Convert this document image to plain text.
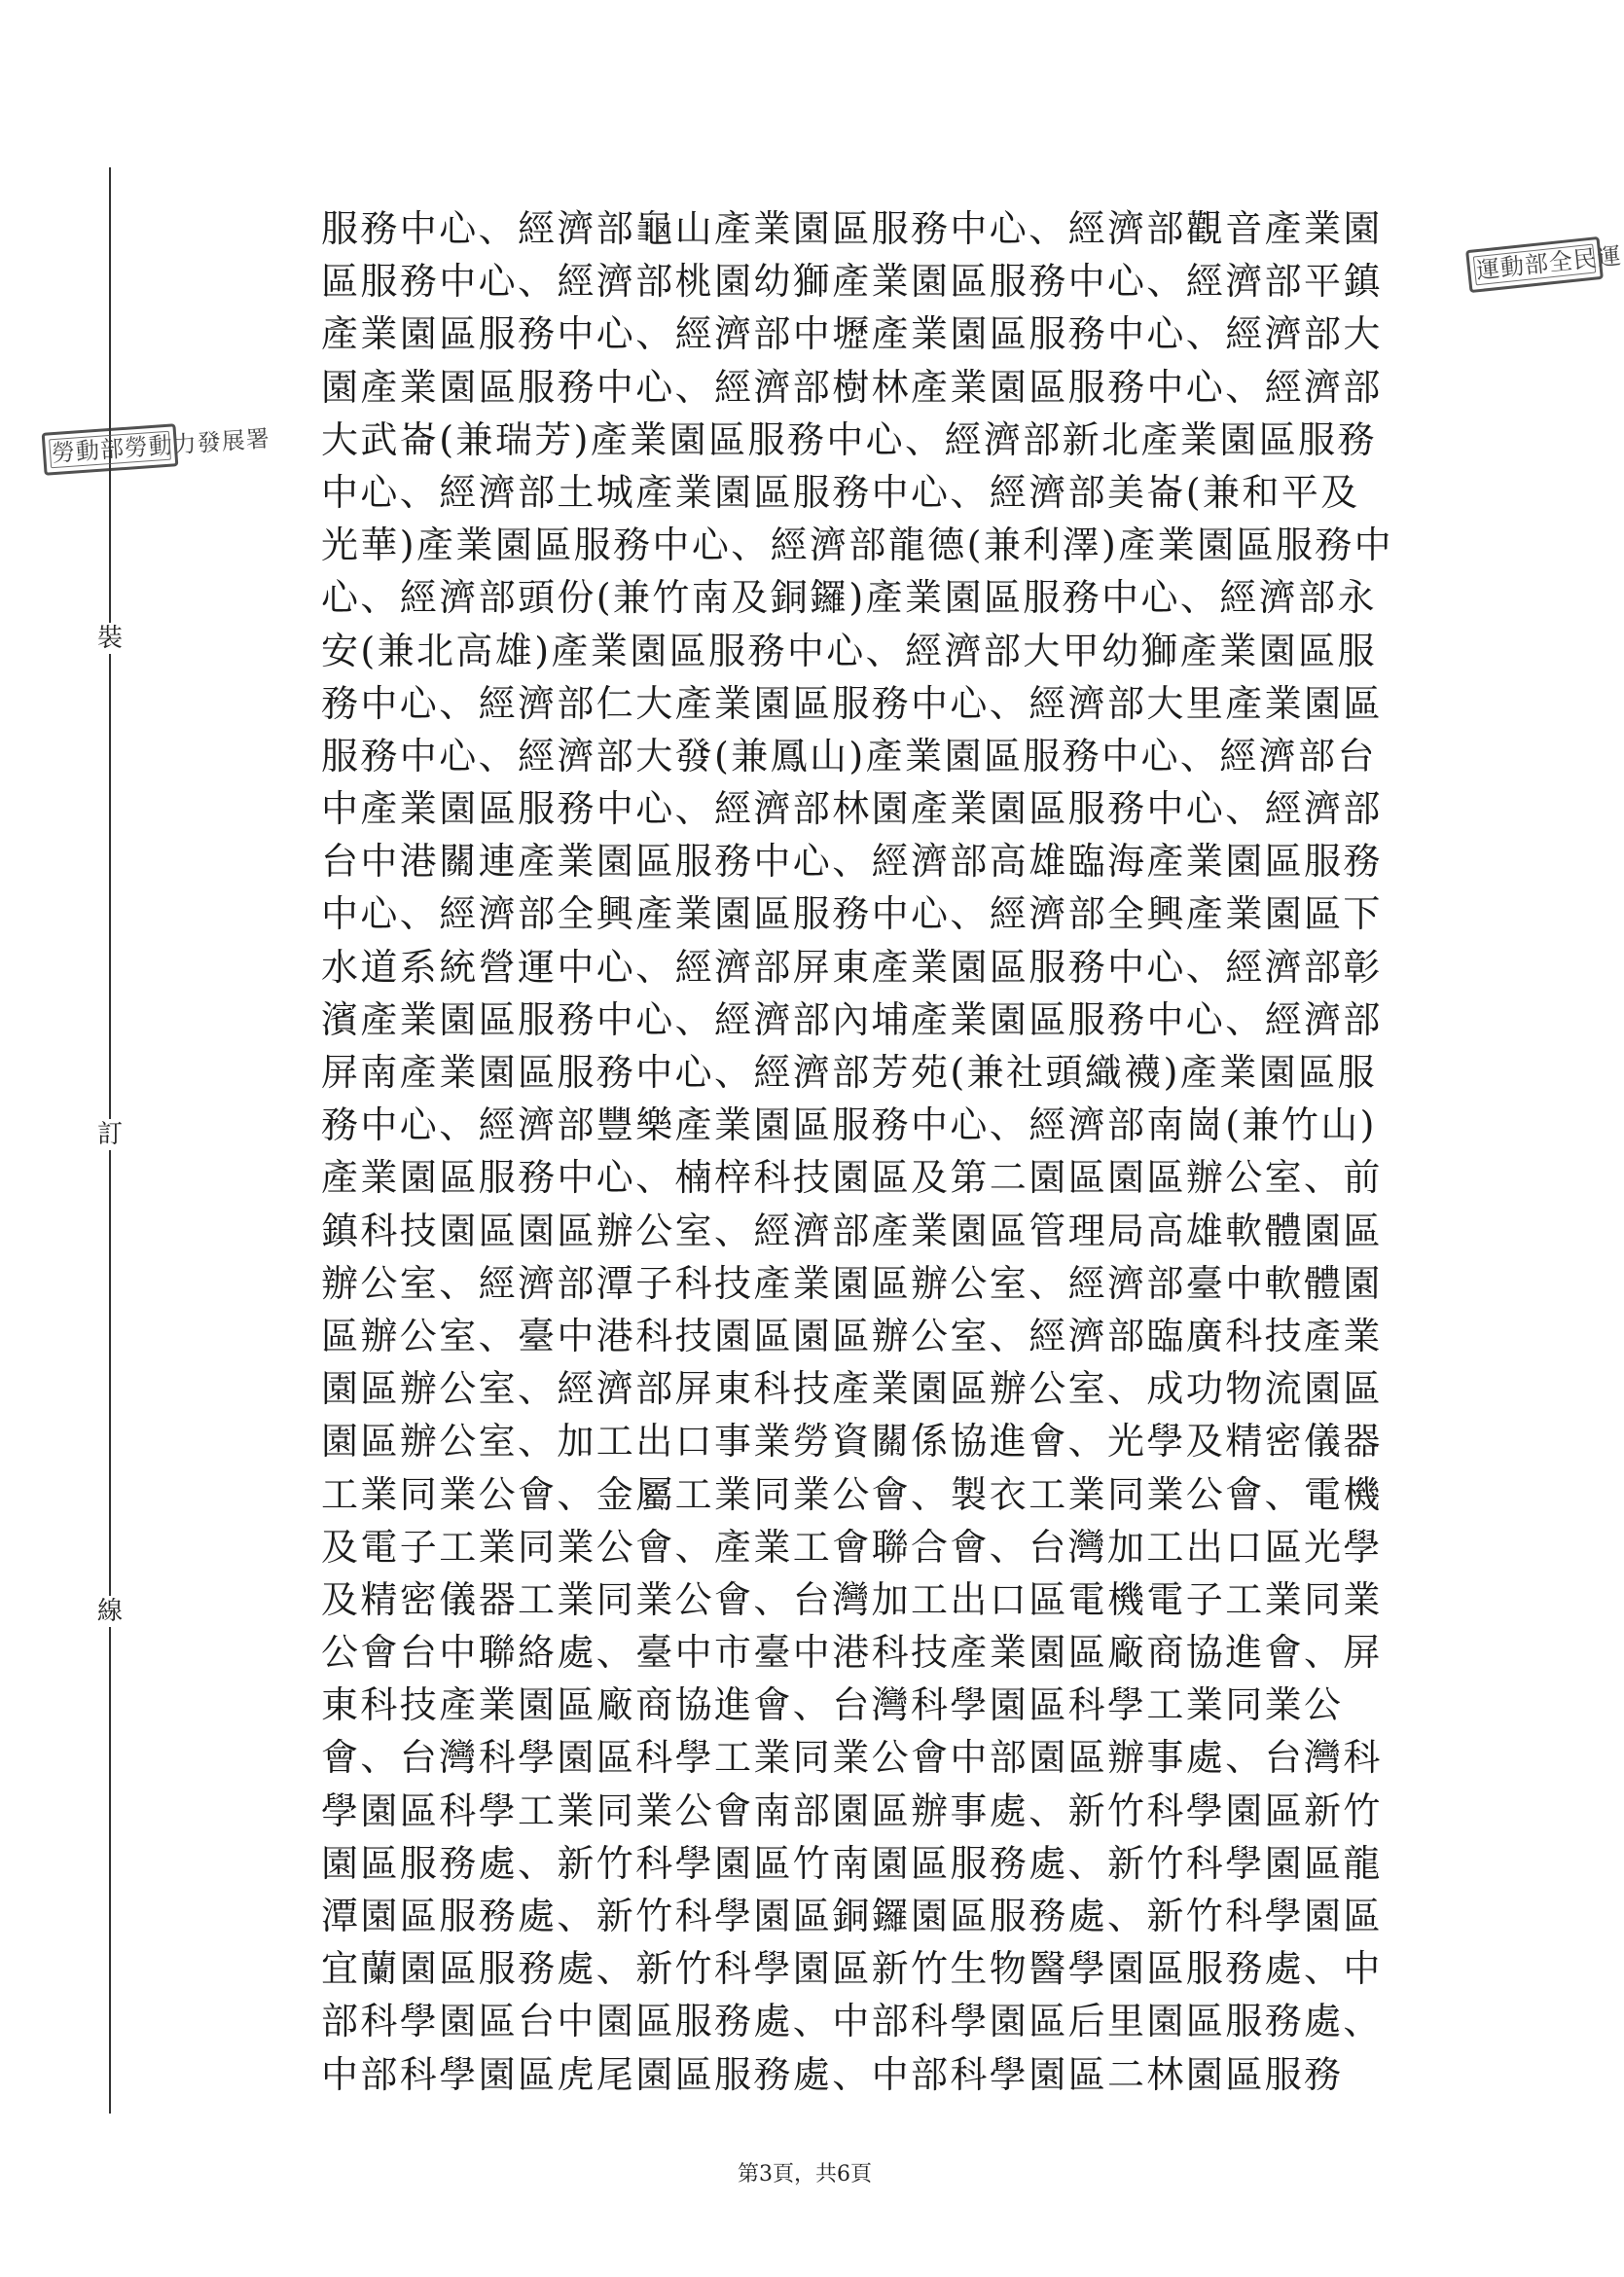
裝
訂
線
勞動部勞動力發展署
運動部全民運
服務中心、經濟部龜山產業園區服務中心、經濟部觀音產業園
區服務中心、經濟部桃園幼獅產業園區服務中心、經濟部平鎮
產業園區服務中心、經濟部中壢產業園區服務中心、經濟部大
園產業園區服務中心、經濟部樹林產業園區服務中心、經濟部
大武崙(兼瑞芳)產業園區服務中心、經濟部新北產業園區服務
中心、經濟部土城產業園區服務中心、經濟部美崙(兼和平及
光華)產業園區服務中心、經濟部龍德(兼利澤)產業園區服務中
心、經濟部頭份(兼竹南及銅鑼)產業園區服務中心、經濟部永
安(兼北高雄)產業園區服務中心、經濟部大甲幼獅產業園區服
務中心、經濟部仁大產業園區服務中心、經濟部大里產業園區
服務中心、經濟部大發(兼鳳山)產業園區服務中心、經濟部台
中產業園區服務中心、經濟部林園產業園區服務中心、經濟部
台中港關連產業園區服務中心、經濟部高雄臨海產業園區服務
中心、經濟部全興產業園區服務中心、經濟部全興產業園區下
水道系統營運中心、經濟部屏東產業園區服務中心、經濟部彰
濱產業園區服務中心、經濟部內埔產業園區服務中心、經濟部
屏南產業園區服務中心、經濟部芳苑(兼社頭織襪)產業園區服
務中心、經濟部豐樂產業園區服務中心、經濟部南崗(兼竹山)
產業園區服務中心、楠梓科技園區及第二園區園區辦公室、前
鎮科技園區園區辦公室、經濟部產業園區管理局高雄軟體園區
辦公室、經濟部潭子科技產業園區辦公室、經濟部臺中軟體園
區辦公室、臺中港科技園區園區辦公室、經濟部臨廣科技產業
園區辦公室、經濟部屏東科技產業園區辦公室、成功物流園區
園區辦公室、加工出口事業勞資關係協進會、光學及精密儀器
工業同業公會、金屬工業同業公會、製衣工業同業公會、電機
及電子工業同業公會、產業工會聯合會、台灣加工出口區光學
及精密儀器工業同業公會、台灣加工出口區電機電子工業同業
公會台中聯絡處、臺中市臺中港科技產業園區廠商協進會、屏
東科技產業園區廠商協進會、台灣科學園區科學工業同業公
會、台灣科學園區科學工業同業公會中部園區辦事處、台灣科
學園區科學工業同業公會南部園區辦事處、新竹科學園區新竹
園區服務處、新竹科學園區竹南園區服務處、新竹科學園區龍
潭園區服務處、新竹科學園區銅鑼園區服務處、新竹科學園區
宜蘭園區服務處、新竹科學園區新竹生物醫學園區服務處、中
部科學園區台中園區服務處、中部科學園區后里園區服務處、
中部科學園區虎尾園區服務處、中部科學園區二林園區服務
第3頁，共6頁
